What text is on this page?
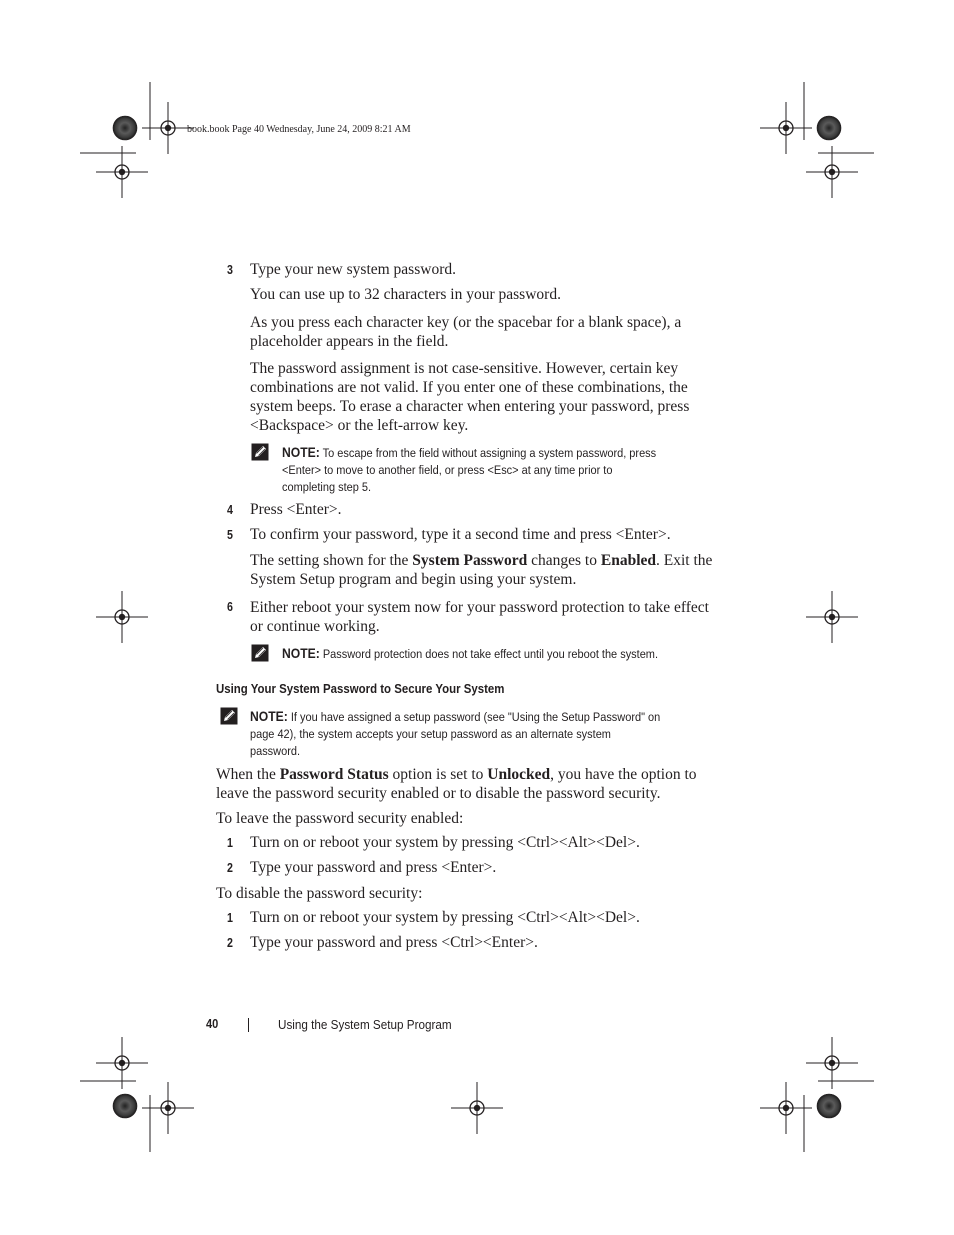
book.book Page 40 Wednesday, June 24, 2009 8:21 AM
3 Type your new system password.
You can use up to 32 characters in your password.
As you press each character key (or the spacebar for a blank space), a
placeholder appears in the field.
The password assignment is not case-sensitive. However, certain key
combinations are not valid. If you enter one of these combinations, the
system beeps. To erase a character when entering your password, press
<Backspace> or the left-arrow key.
NOTE: To escape from the field without assigning a system password, press
<Enter> to move to another field, or press <Esc> at any time prior to
completing step 5.
4 Press <Enter>.
5 To confirm your password, type it a second time and press <Enter>.
The setting shown for the System Password changes to Enabled. Exit the
System Setup program and begin using your system.
6 Either reboot your system now for your password protection to take effect
or continue working.
NOTE: Password protection does not take effect until you reboot the system.
Using Your System Password to Secure Your System
NOTE: If you have assigned a setup password (see "Using the Setup Password" on
page 42), the system accepts your setup password as an alternate system
password.
When the Password Status option is set to Unlocked, you have the option to
leave the password security enabled or to disable the password security.
To leave the password security enabled:
1 Turn on or reboot your system by pressing <Ctrl><Alt><Del>.
2 Type your password and press <Enter>.
To disable the password security:
1 Turn on or reboot your system by pressing <Ctrl><Alt><Del>.
2 Type your password and press <Ctrl><Enter>.
40	Using the System Setup Program
